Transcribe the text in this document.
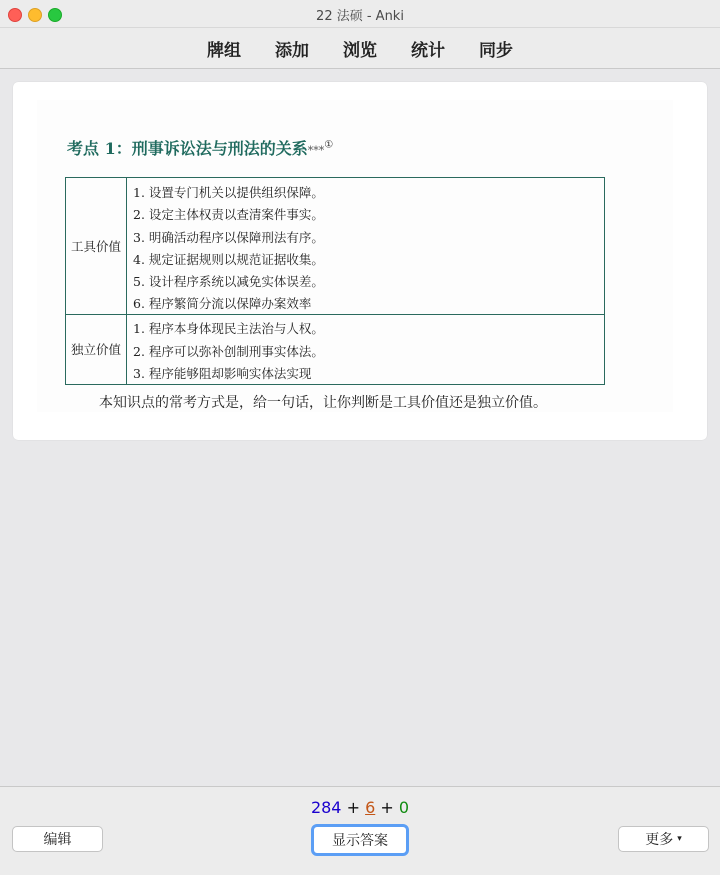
22 法硕 - Anki
牌组 添加 浏览 统计 同步
考点 1：刑事诉讼法与刑法的关系***①
工具价值
1. 设置专门机关以提供组织保障。
2. 设定主体权责以查清案件事实。
3. 明确活动程序以保障刑法有序。
4. 规定证据规则以规范证据收集。
5. 设计程序系统以减免实体误差。
6. 程序繁简分流以保障办案效率
独立价值
1. 程序本身体现民主法治与人权。
2. 程序可以弥补创制刑事实体法。
3. 程序能够阻却影响实体法实现
本知识点的常考方式是，给一句话，让你判断是工具价值还是独立价值。
284 + 6 + 0
编辑	显示答案	更多 ▾
